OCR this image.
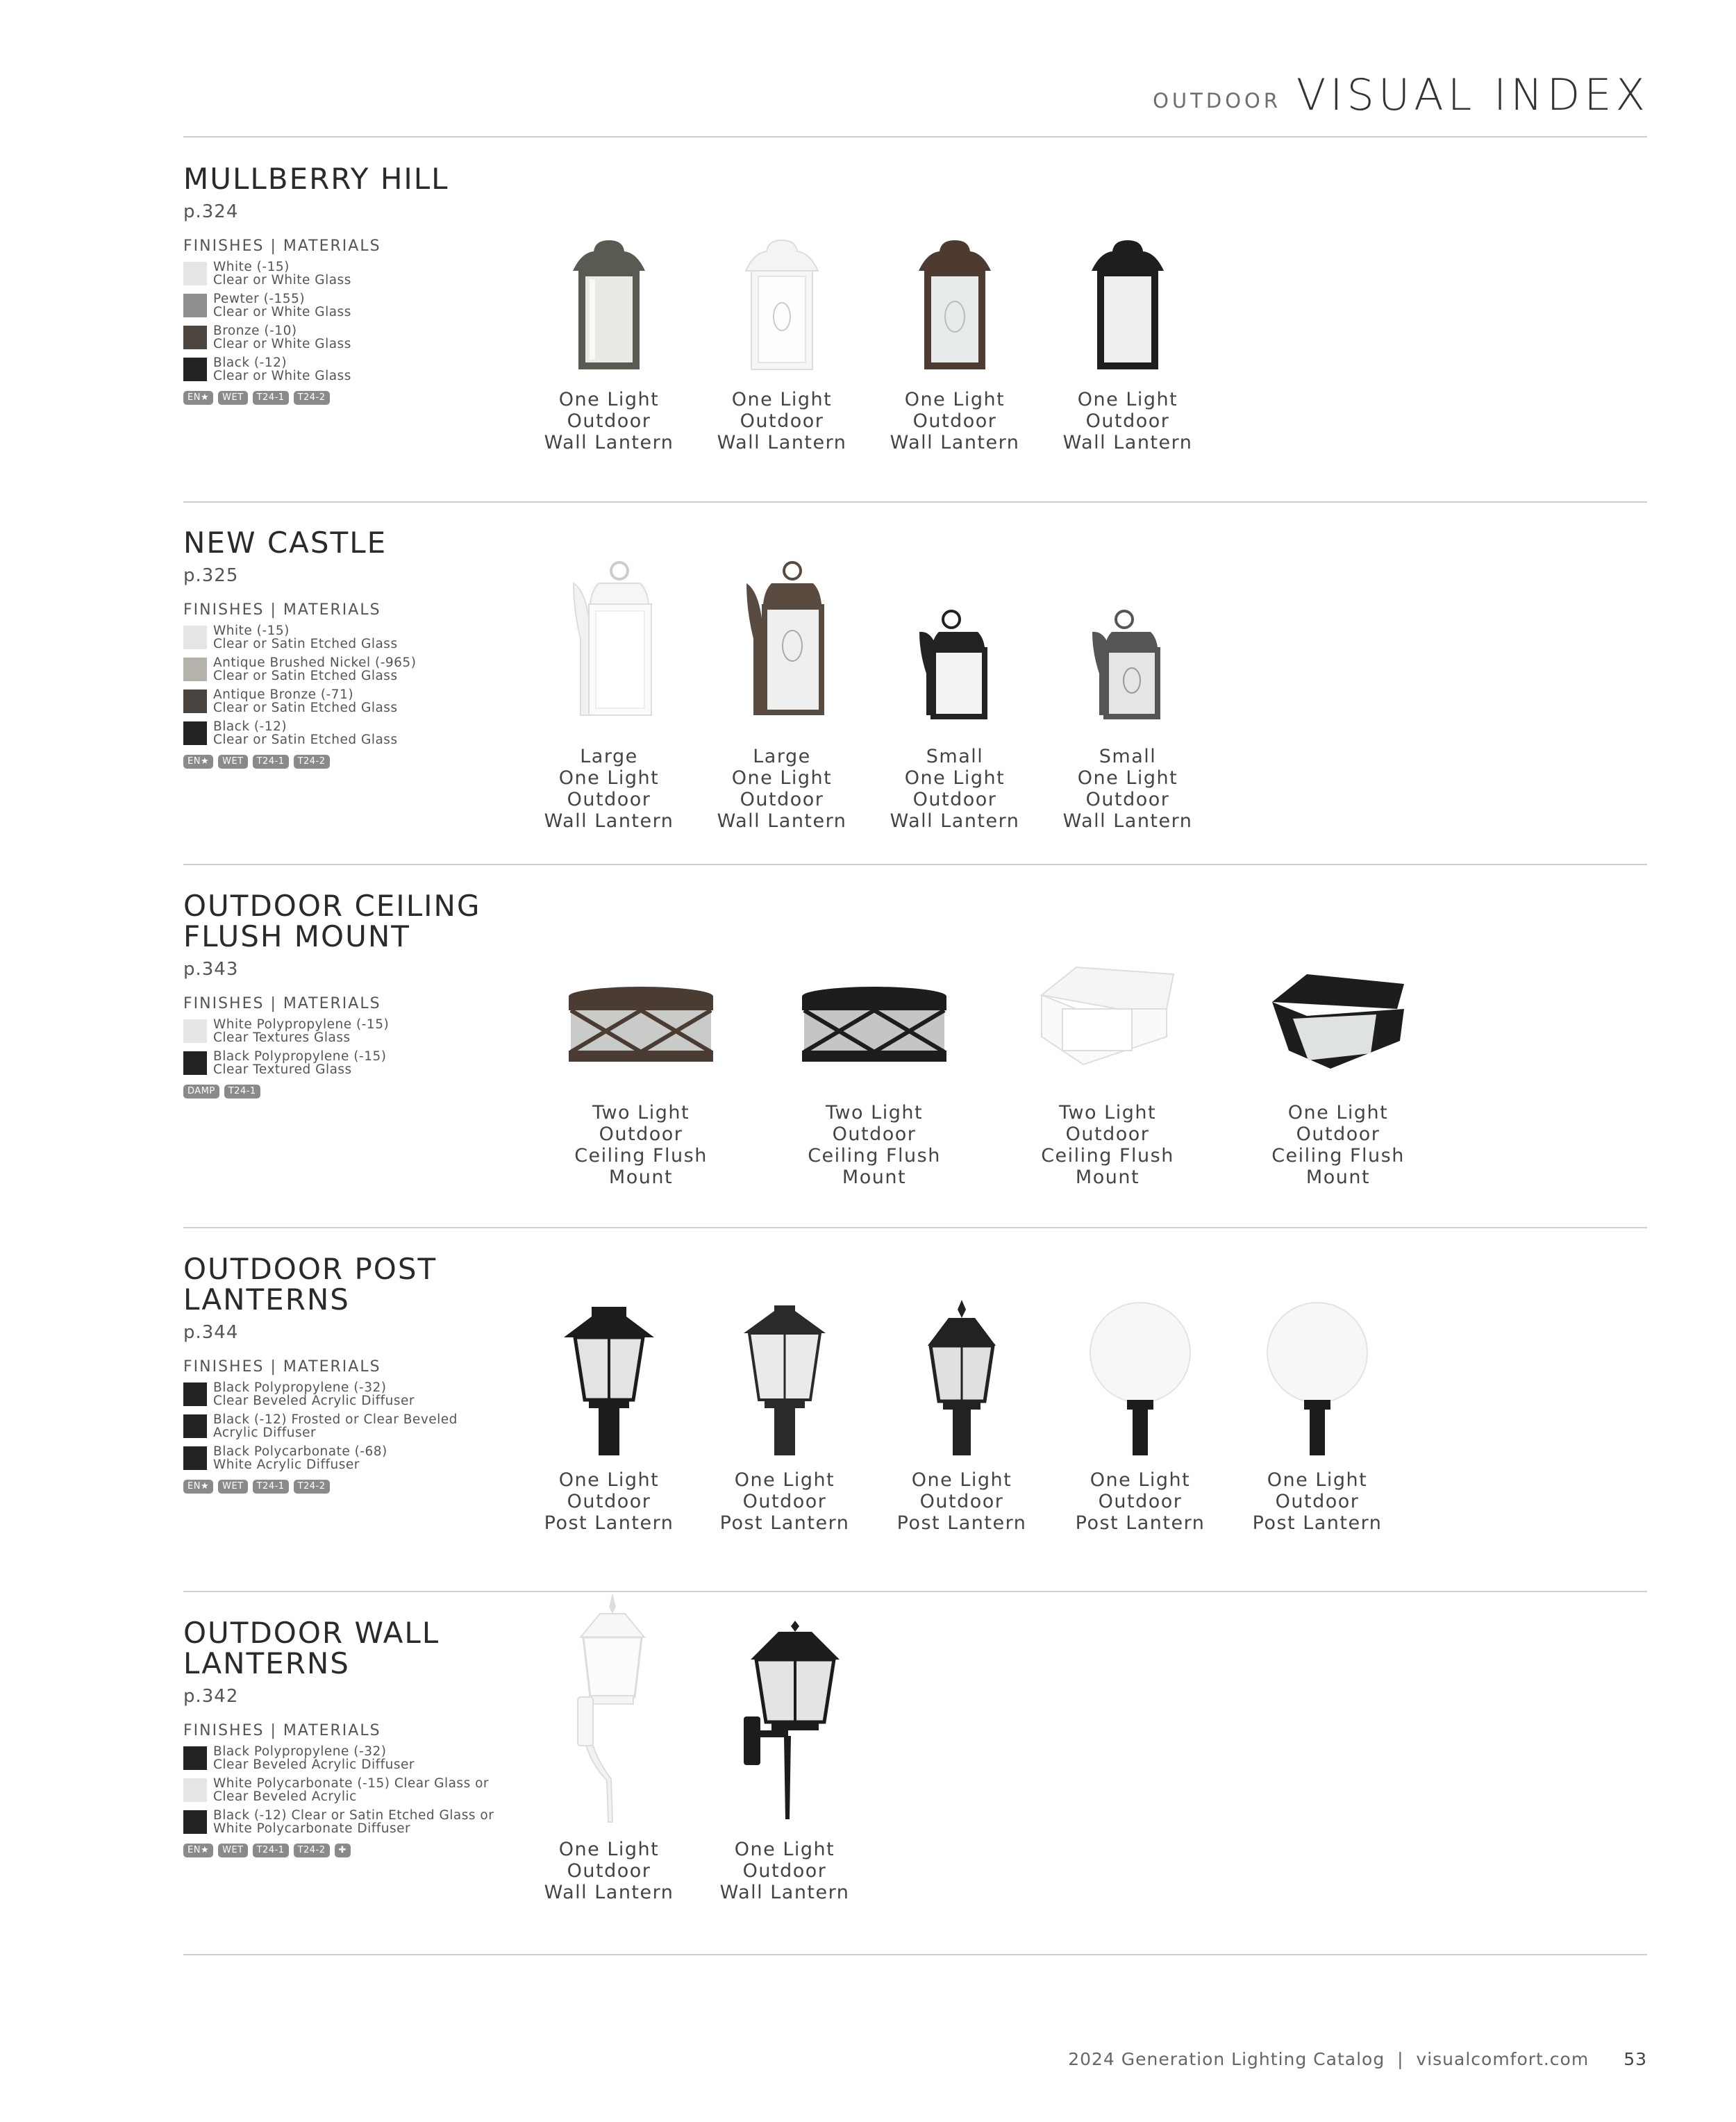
OUTDOOR VISUAL INDEX
MULLBERRY HILL
p.324
FINISHES | MATERIALS
White (-15)
Clear or White Glass
Pewter (-155)
Clear or White Glass
Bronze (-10)
Clear or White Glass
Black (-12)
Clear or White Glass
EN★	WET	T24-1	T24-2	One Light
Outdoor
Wall Lantern
One Light
Outdoor
Wall Lantern
One Light
Outdoor
Wall Lantern
One Light
Outdoor
Wall Lantern
NEW CASTLE
p.325
FINISHES | MATERIALS
White (-15)
Clear or Satin Etched Glass
Antique Brushed Nickel (-965)
Clear or Satin Etched Glass
Antique Bronze (-71)
Clear or Satin Etched Glass
Black (-12)
Clear or Satin Etched Glass
EN★	WET	T24-1	T24-2	Large
One Light
Outdoor
Wall Lantern
Large
One Light
Outdoor
Wall Lantern
Small
One Light
Outdoor
Wall Lantern
Small
One Light
Outdoor
Wall Lantern
OUTDOOR CEILING
FLUSH MOUNT
p.343
FINISHES | MATERIALS
White Polypropylene (-15)
Clear Textures Glass
Black Polypropylene (-15)
Clear Textured Glass
DAMP	T24-1
Two Light
Outdoor
Ceiling Flush
Mount
Two Light
Outdoor
Ceiling Flush
Mount
Two Light
Outdoor
Ceiling Flush
Mount
One Light
Outdoor
Ceiling Flush
Mount
OUTDOOR POST
LANTERNS
p.344
FINISHES | MATERIALS
Black Polypropylene (-32)
Clear Beveled Acrylic Diffuser
Black (-12) Frosted or Clear Beveled
Acrylic Diffuser
Black Polycarbonate (-68)
White Acrylic Diffuser
EN★	WET	T24-1	T24-2	One Light
Outdoor
Post Lantern
One Light
Outdoor
Post Lantern
One Light
Outdoor
Post Lantern
One Light
Outdoor
Post Lantern
One Light
Outdoor
Post Lantern
OUTDOOR WALL
LANTERNS
p.342
FINISHES | MATERIALS
Black Polypropylene (-32)
Clear Beveled Acrylic Diffuser
White Polycarbonate (-15) Clear Glass or
Clear Beveled Acrylic
Black (-12) Clear or Satin Etched Glass or
White Polycarbonate Diffuser
EN★	WET	T24-1	T24-2	✚	One Light
Outdoor
Wall Lantern
One Light
Outdoor
Wall Lantern
2024 Generation Lighting Catalog  |  visualcomfort.com 53
